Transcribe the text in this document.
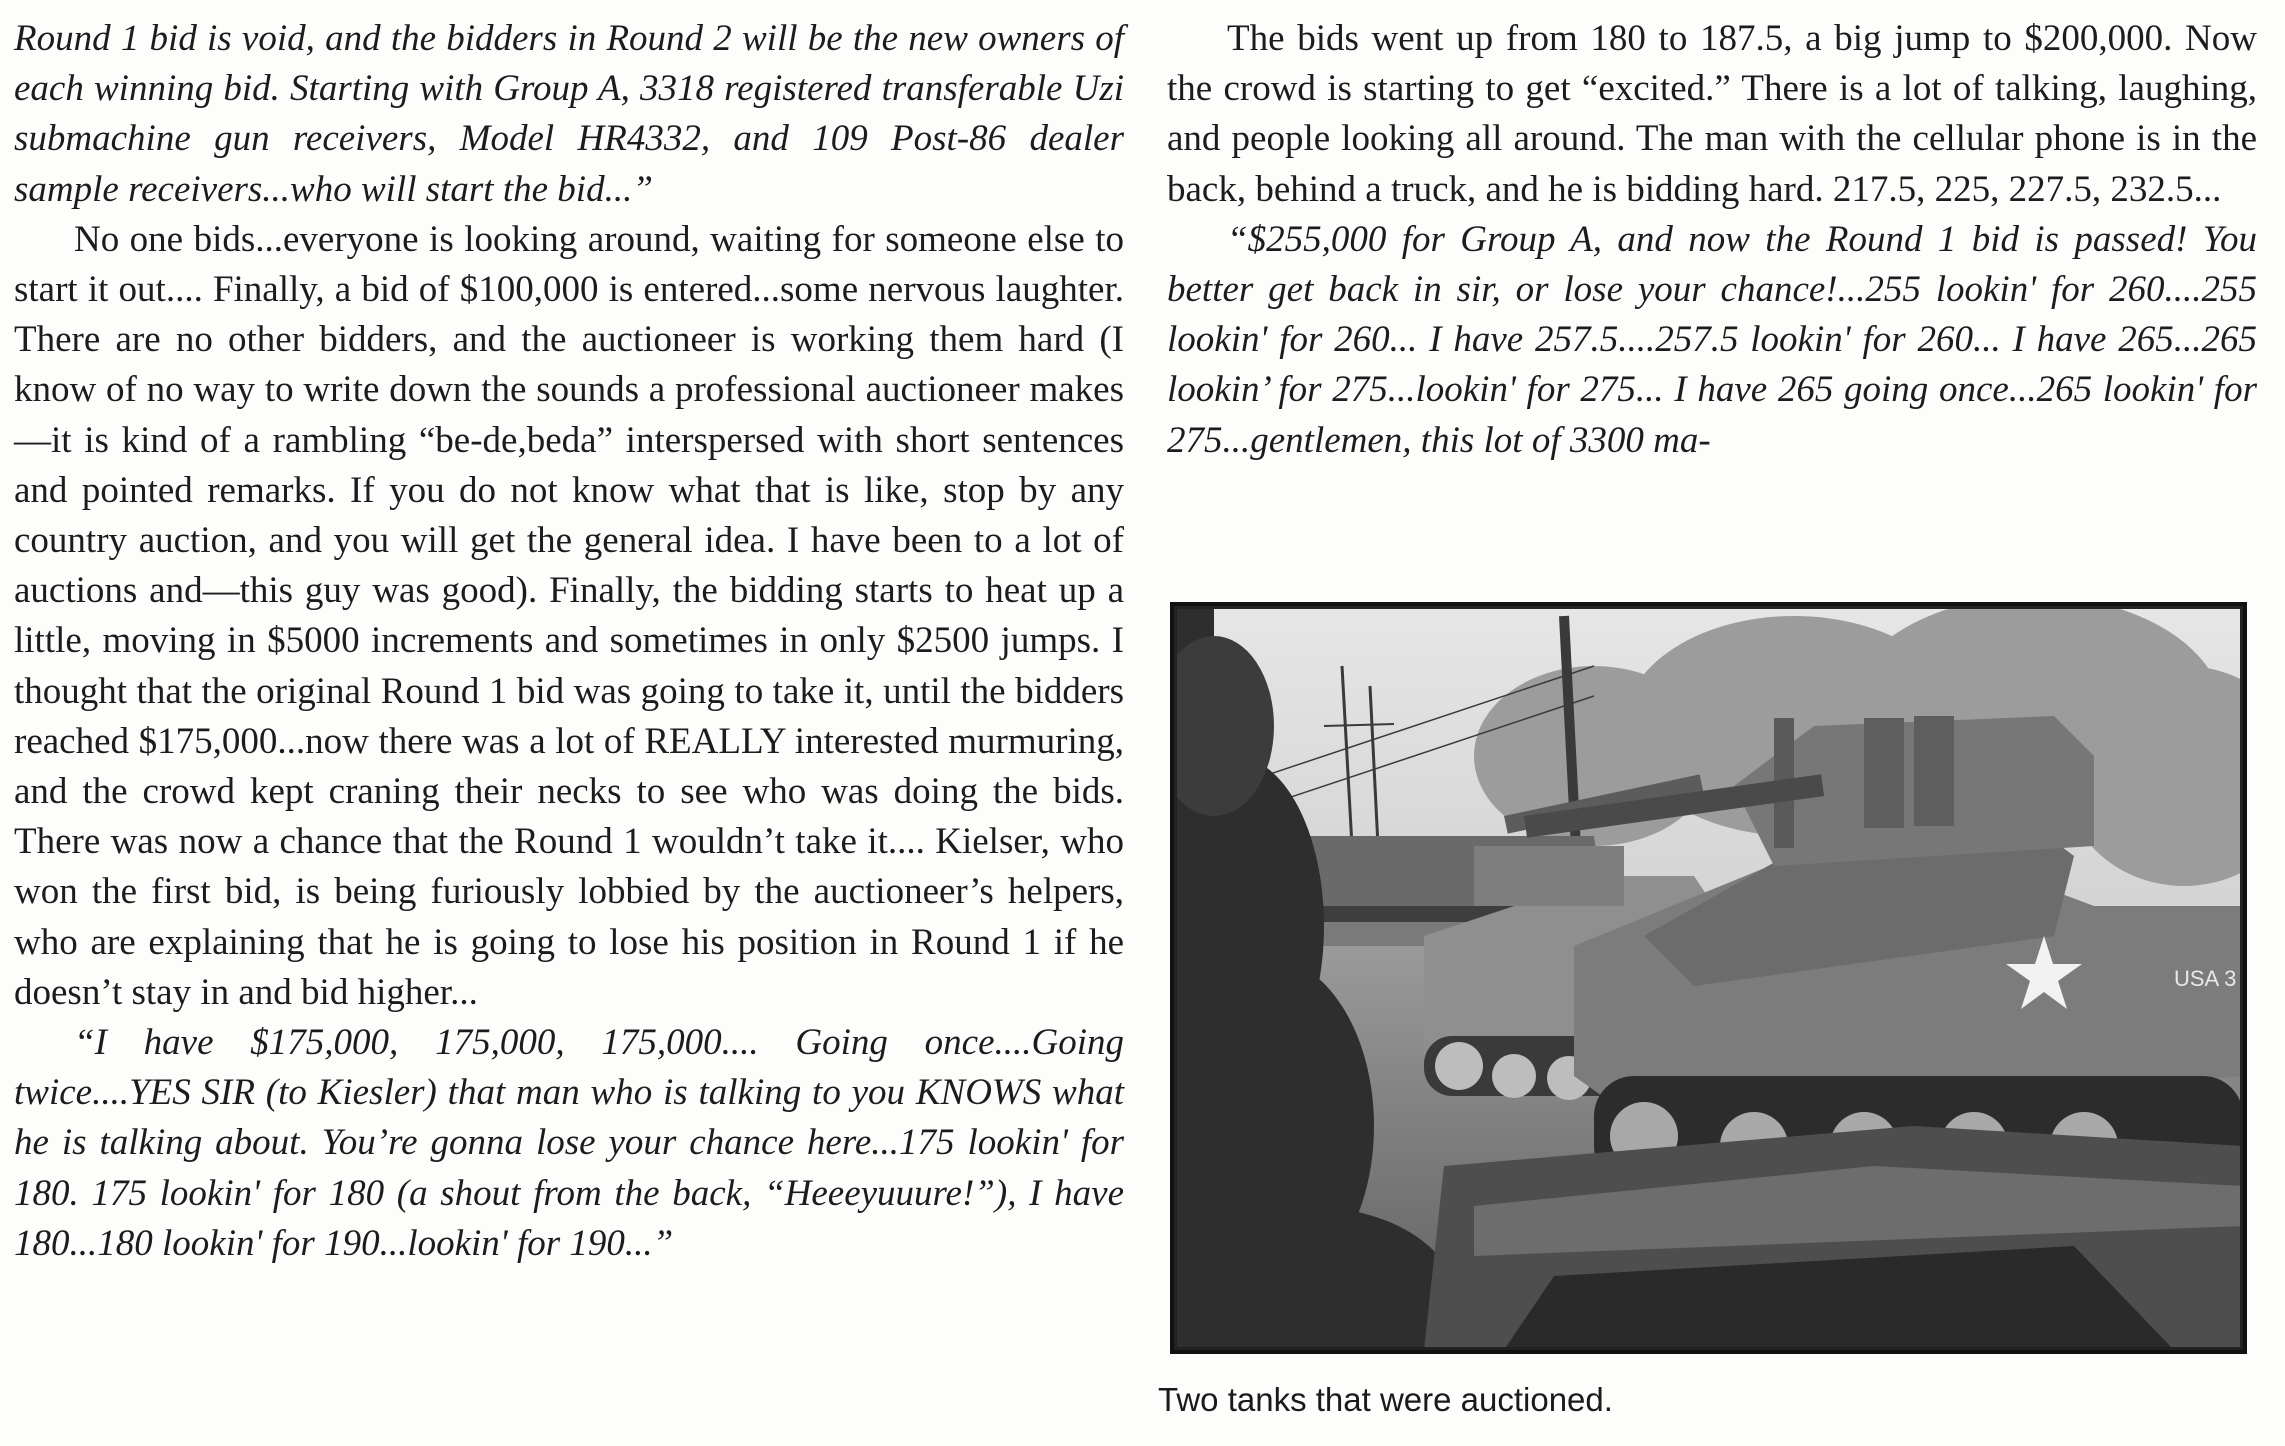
Round 1 bid is void, and the bidders in Round 2 will be the new owners of each winning bid. Starting with Group A, 3318 registered transferable Uzi submachine gun receivers, Model HR4332, and 109 Post-86 dealer sample receivers...who will start the bid...”

No one bids...everyone is looking around, waiting for someone else to start it out.... Finally, a bid of $100,000 is entered...some nervous laughter. There are no other bidders, and the auctioneer is working them hard (I know of no way to write down the sounds a professional auctioneer makes—it is kind of a rambling “be-de,beda” interspersed with short sentences and pointed remarks. If you do not know what that is like, stop by any country auction, and you will get the general idea. I have been to a lot of auctions and—this guy was good). Finally, the bidding starts to heat up a little, moving in $5000 increments and sometimes in only $2500 jumps. I thought that the original Round 1 bid was going to take it, until the bidders reached $175,000...now there was a lot of REALLY interested murmuring, and the crowd kept craning their necks to see who was doing the bids. There was now a chance that the Round 1 wouldn’t take it.... Kielser, who won the first bid, is being furiously lobbied by the auctioneer’s helpers, who are explaining that he is going to lose his position in Round 1 if he doesn’t stay in and bid higher...

“I have $175,000, 175,000, 175,000.... Going once....Going twice....YES SIR (to Kiesler) that man who is talking to you KNOWS what he is talking about. You’re gonna lose your chance here...175 lookin' for 180. 175 lookin' for 180 (a shout from the back, “Heeeyuuure!”), I have 180...180 lookin' for 190...lookin' for 190...”

The bids went up from 180 to 187.5, a big jump to $200,000. Now the crowd is starting to get “excited.” There is a lot of talking, laughing, and people looking all around. The man with the cellular phone is in the back, behind a truck, and he is bidding hard. 217.5, 225, 227.5, 232.5...

“$255,000 for Group A, and now the Round 1 bid is passed! You better get back in sir, or lose your chance!...255 lookin' for 260....255 lookin' for 260... I have 257.5....257.5 lookin' for 260... I have 265...265 lookin’ for 275...lookin' for 275... I have 265 going once...265 lookin' for 275...gentlemen, this lot of 3300 ma-

USA 3
Two tanks that were auctioned.
